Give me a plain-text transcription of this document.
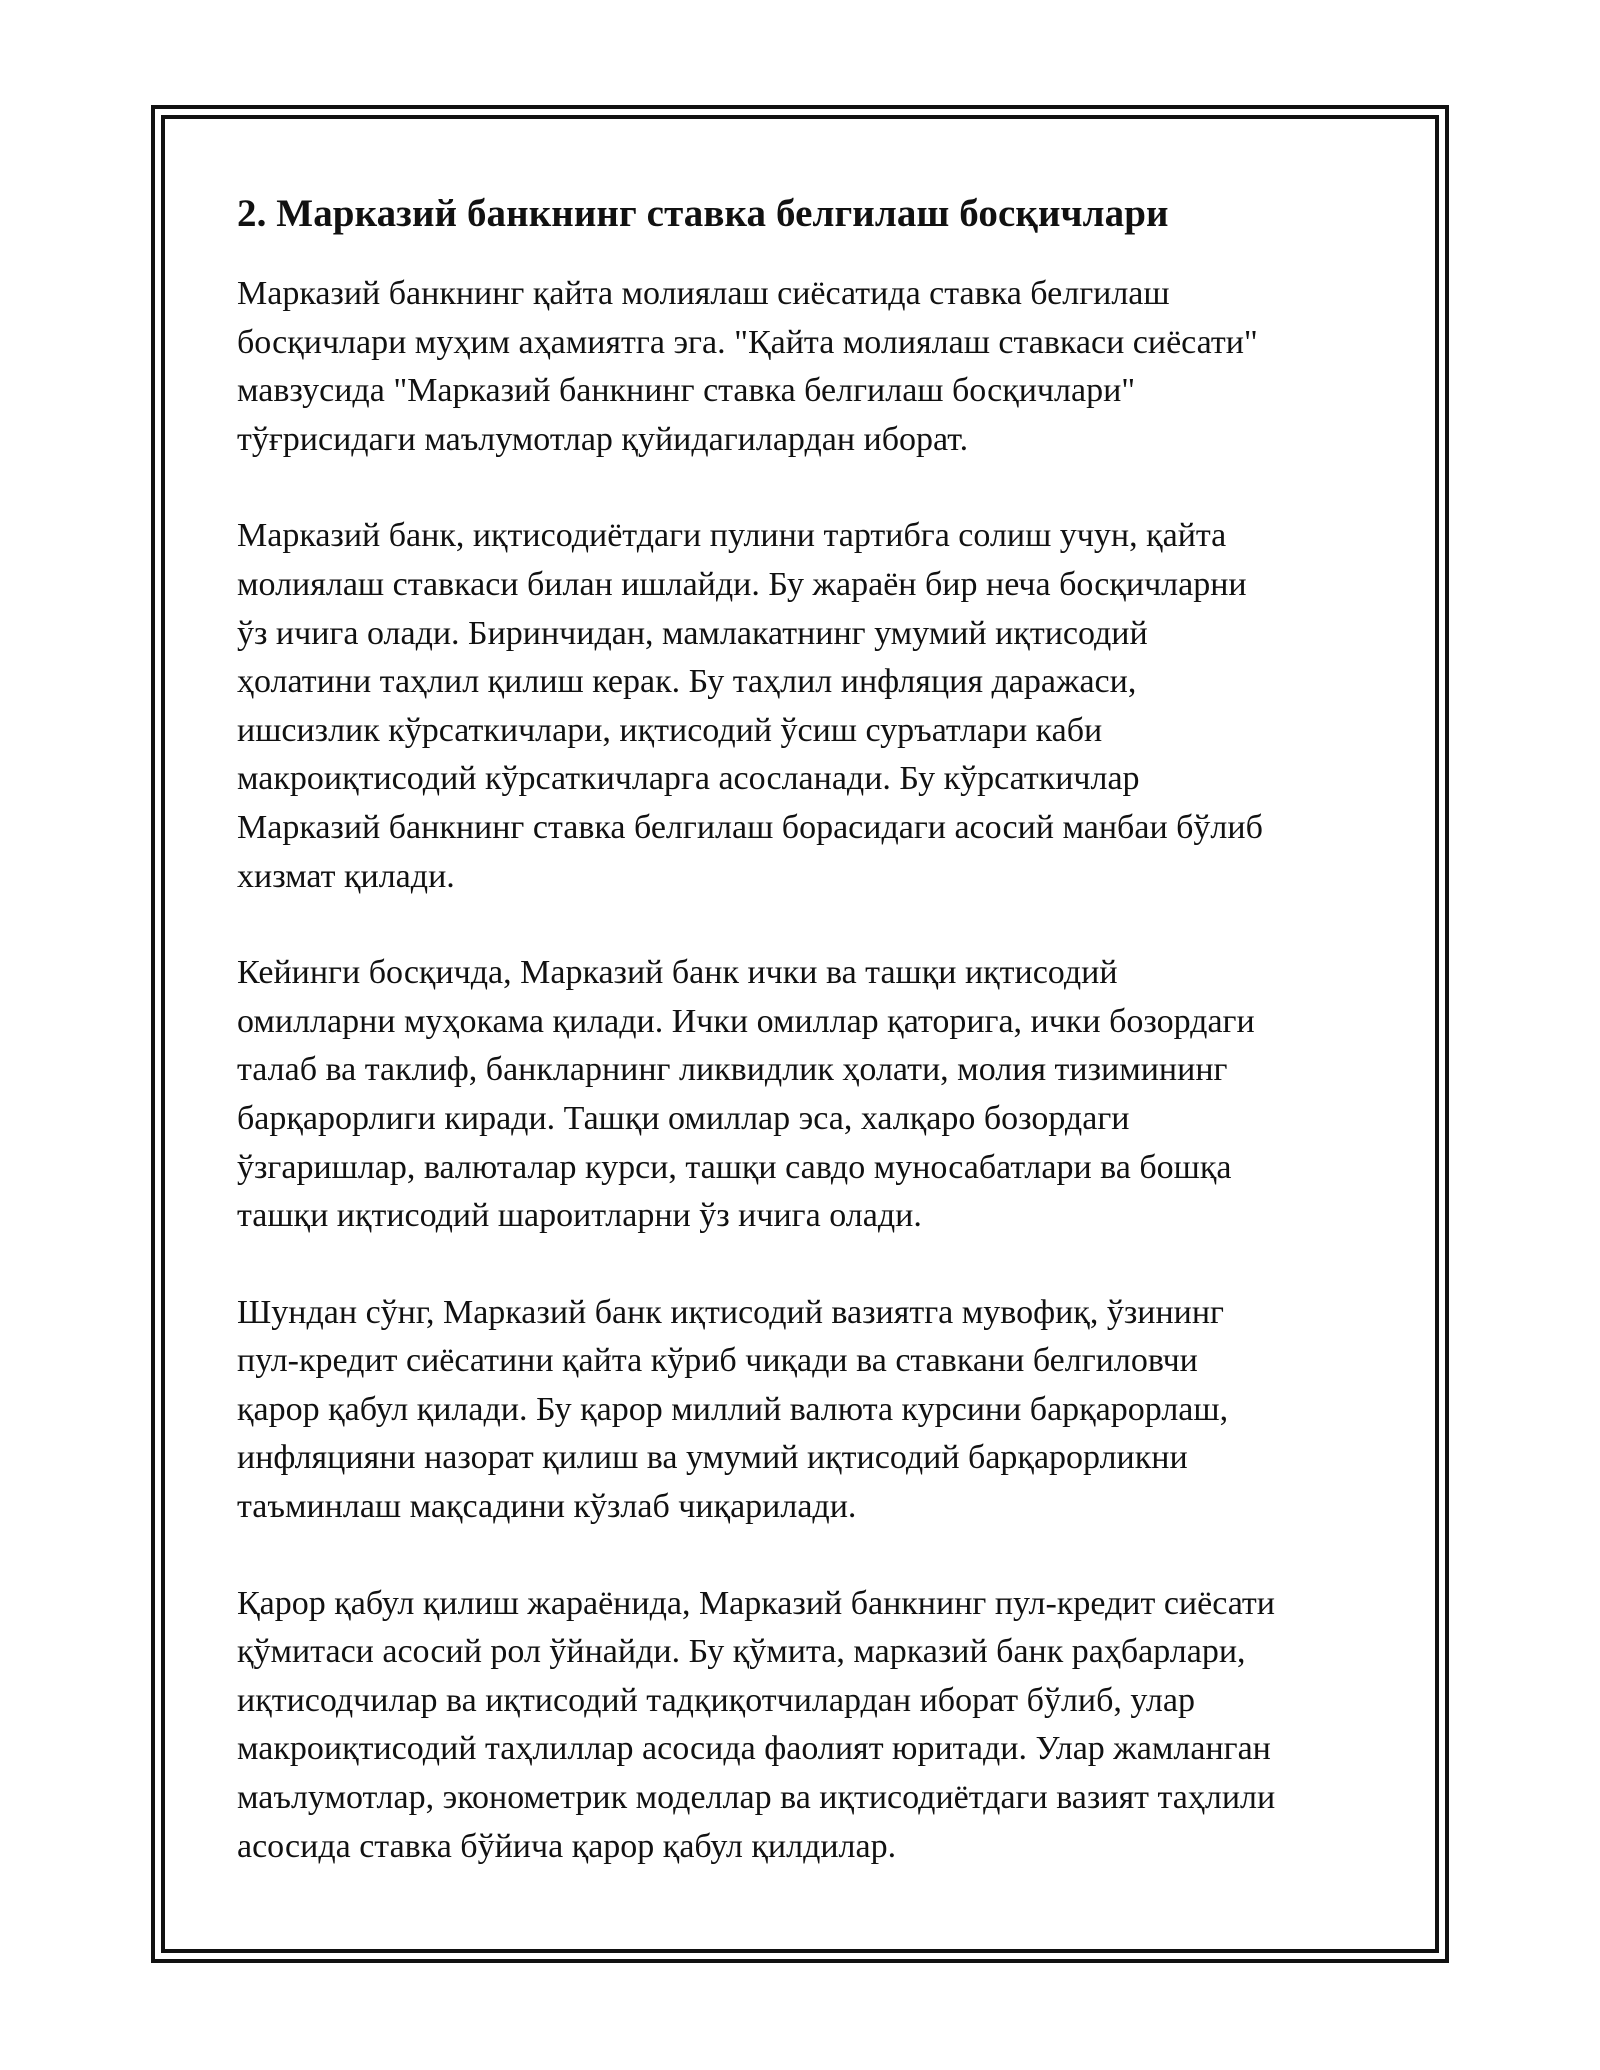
2. Марказий банкнинг ставка белгилаш босқичлари

Марказий банкнинг қайта молиялаш сиёсатида ставка белгилаш
босқичлари муҳим аҳамиятга эга. "Қайта молиялаш ставкаси сиёсати"
мавзусида "Марказий банкнинг ставка белгилаш босқичлари"
тўғрисидаги маълумотлар қуйидагилардан иборат.

Марказий банк, иқтисодиётдаги пулини тартибга солиш учун, қайта
молиялаш ставкаси билан ишлайди. Бу жараён бир неча босқичларни
ўз ичига олади. Биринчидан, мамлакатнинг умумий иқтисодий
ҳолатини таҳлил қилиш керак. Бу таҳлил инфляция даражаси,
ишсизлик кўрсаткичлари, иқтисодий ўсиш суръатлари каби
макроиқтисодий кўрсаткичларга асосланади. Бу кўрсаткичлар
Марказий банкнинг ставка белгилаш борасидаги асосий манбаи бўлиб
хизмат қилади.

Кейинги босқичда, Марказий банк ички ва ташқи иқтисодий
омилларни муҳокама қилади. Ички омиллар қаторига, ички бозордаги
талаб ва таклиф, банкларнинг ликвидлик ҳолати, молия тизимининг
барқарорлиги киради. Ташқи омиллар эса, халқаро бозордаги
ўзгаришлар, валюталар курси, ташқи савдо муносабатлари ва бошқа
ташқи иқтисодий шароитларни ўз ичига олади.

Шундан сўнг, Марказий банк иқтисодий вазиятга мувофиқ, ўзининг
пул-кредит сиёсатини қайта кўриб чиқади ва ставкани белгиловчи
қарор қабул қилади. Бу қарор миллий валюта курсини барқарорлаш,
инфляцияни назорат қилиш ва умумий иқтисодий барқарорликни
таъминлаш мақсадини кўзлаб чиқарилади.

Қарор қабул қилиш жараёнида, Марказий банкнинг пул-кредит сиёсати
қўмитаси асосий рол ўйнайди. Бу қўмита, марказий банк раҳбарлари,
иқтисодчилар ва иқтисодий тадқиқотчилардан иборат бўлиб, улар
макроиқтисодий таҳлиллар асосида фаолият юритади. Улар жамланган
маълумотлар, эконометрик моделлар ва иқтисодиётдаги вазият таҳлили
асосида ставка бўйича қарор қабул қилдилар.
